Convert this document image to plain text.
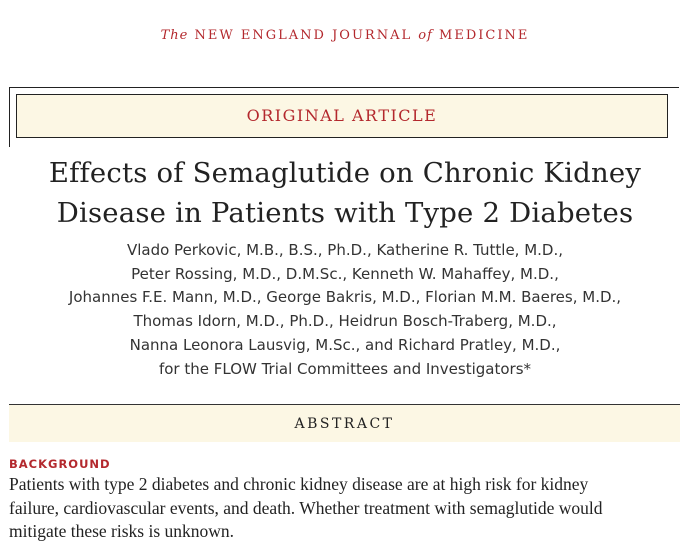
The NEW ENGLAND JOURNAL of MEDICINE
ORIGINAL ARTICLE
Effects of Semaglutide on Chronic Kidney
Disease in Patients with Type 2 Diabetes
Vlado Perkovic, M.B., B.S., Ph.D., Katherine R. Tuttle, M.D.,
Peter Rossing, M.D., D.M.Sc., Kenneth W. Mahaffey, M.D.,
Johannes F.E. Mann, M.D., George Bakris, M.D., Florian M.M. Baeres, M.D.,
Thomas Idorn, M.D., Ph.D., Heidrun Bosch-Traberg, M.D.,
Nanna Leonora Lausvig, M.Sc., and Richard Pratley, M.D.,
for the FLOW Trial Committees and Investigators*
ABSTRACT
BACKGROUND
Patients with type 2 diabetes and chronic kidney disease are at high risk for kidney
failure, cardiovascular events, and death. Whether treatment with semaglutide would
mitigate these risks is unknown.
